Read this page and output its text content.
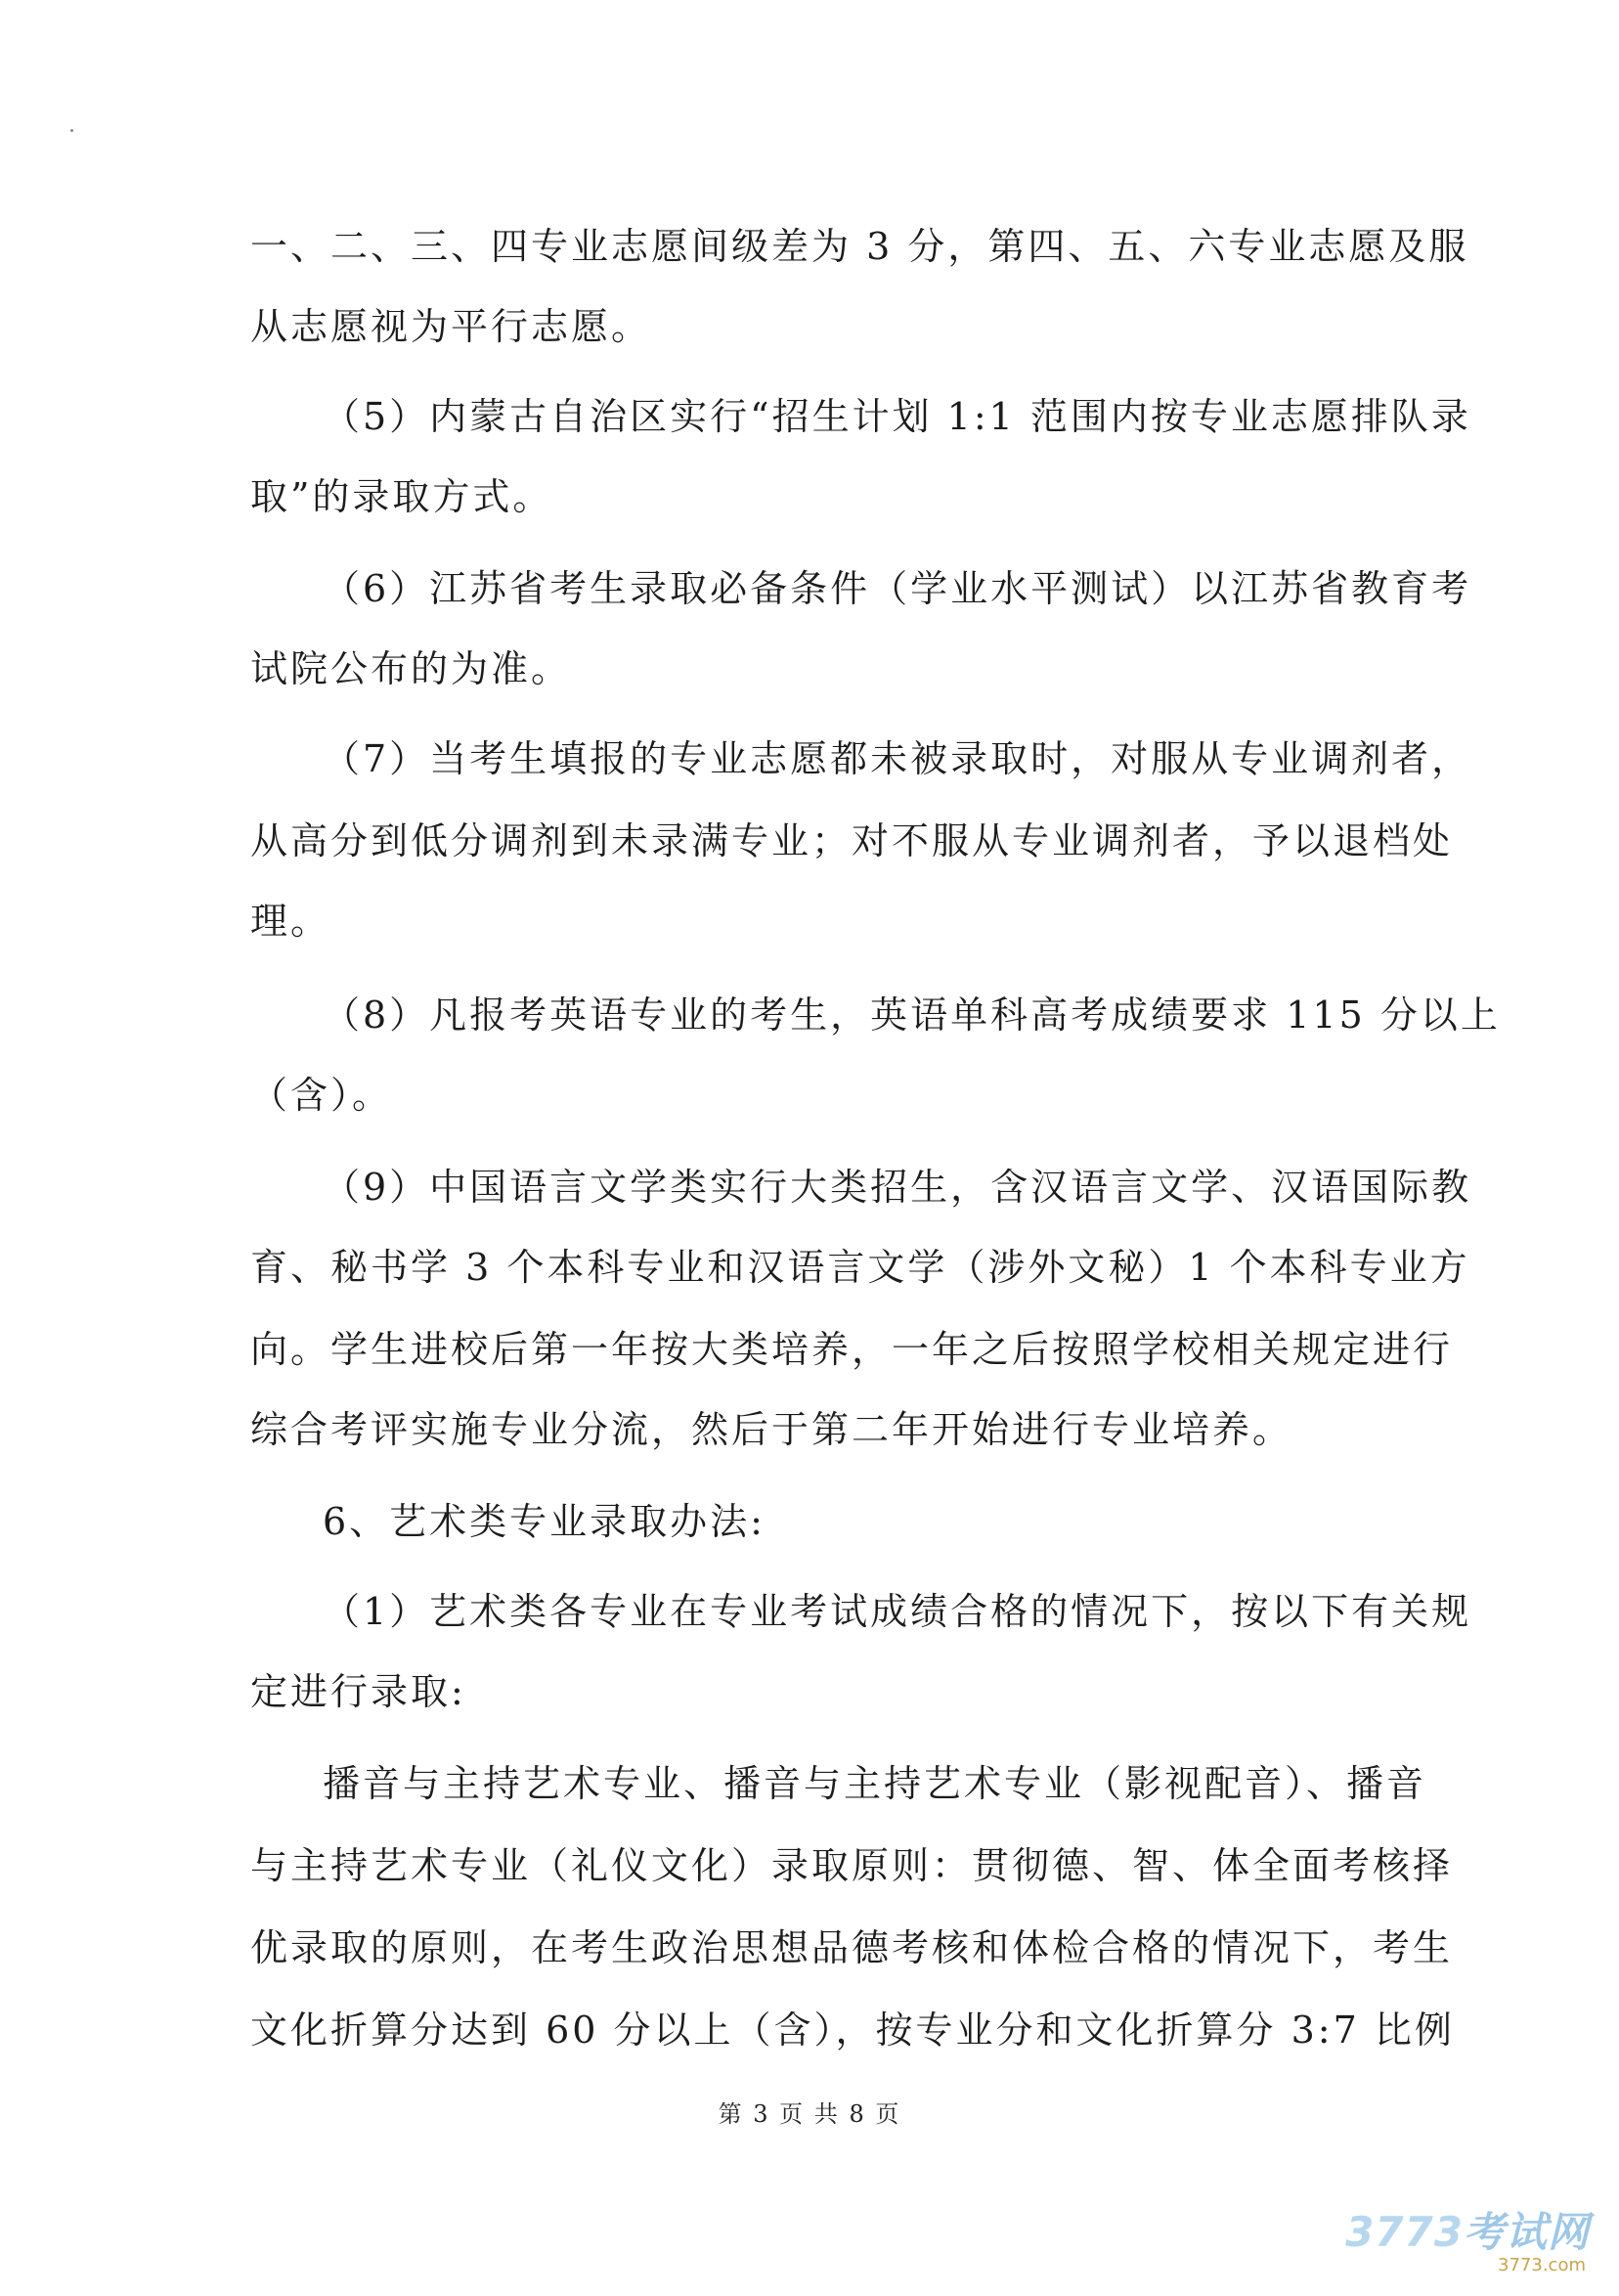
一、二、三、四专业志愿间级差为 3 分，第四、五、六专业志愿及服
从志愿视为平行志愿。
（5）内蒙古自治区实行“招生计划 1:1 范围内按专业志愿排队录
取”的录取方式。
（6）江苏省考生录取必备条件（学业水平测试）以江苏省教育考
试院公布的为准。
（7）当考生填报的专业志愿都未被录取时，对服从专业调剂者，
从高分到低分调剂到未录满专业；对不服从专业调剂者，予以退档处
理。
（8）凡报考英语专业的考生，英语单科高考成绩要求 115 分以上
（含）。
（9）中国语言文学类实行大类招生，含汉语言文学、汉语国际教
育、秘书学 3 个本科专业和汉语言文学（涉外文秘）1 个本科专业方
向。学生进校后第一年按大类培养，一年之后按照学校相关规定进行
综合考评实施专业分流，然后于第二年开始进行专业培养。
6、艺术类专业录取办法:
（1）艺术类各专业在专业考试成绩合格的情况下，按以下有关规
定进行录取:
播音与主持艺术专业、播音与主持艺术专业（影视配音）、播音
与主持艺术专业（礼仪文化）录取原则：贯彻德、智、体全面考核择
优录取的原则，在考生政治思想品德考核和体检合格的情况下，考生
文化折算分达到 60 分以上（含），按专业分和文化折算分 3:7 比例
第 3 页 共 8 页
3773考试网
3773.com
